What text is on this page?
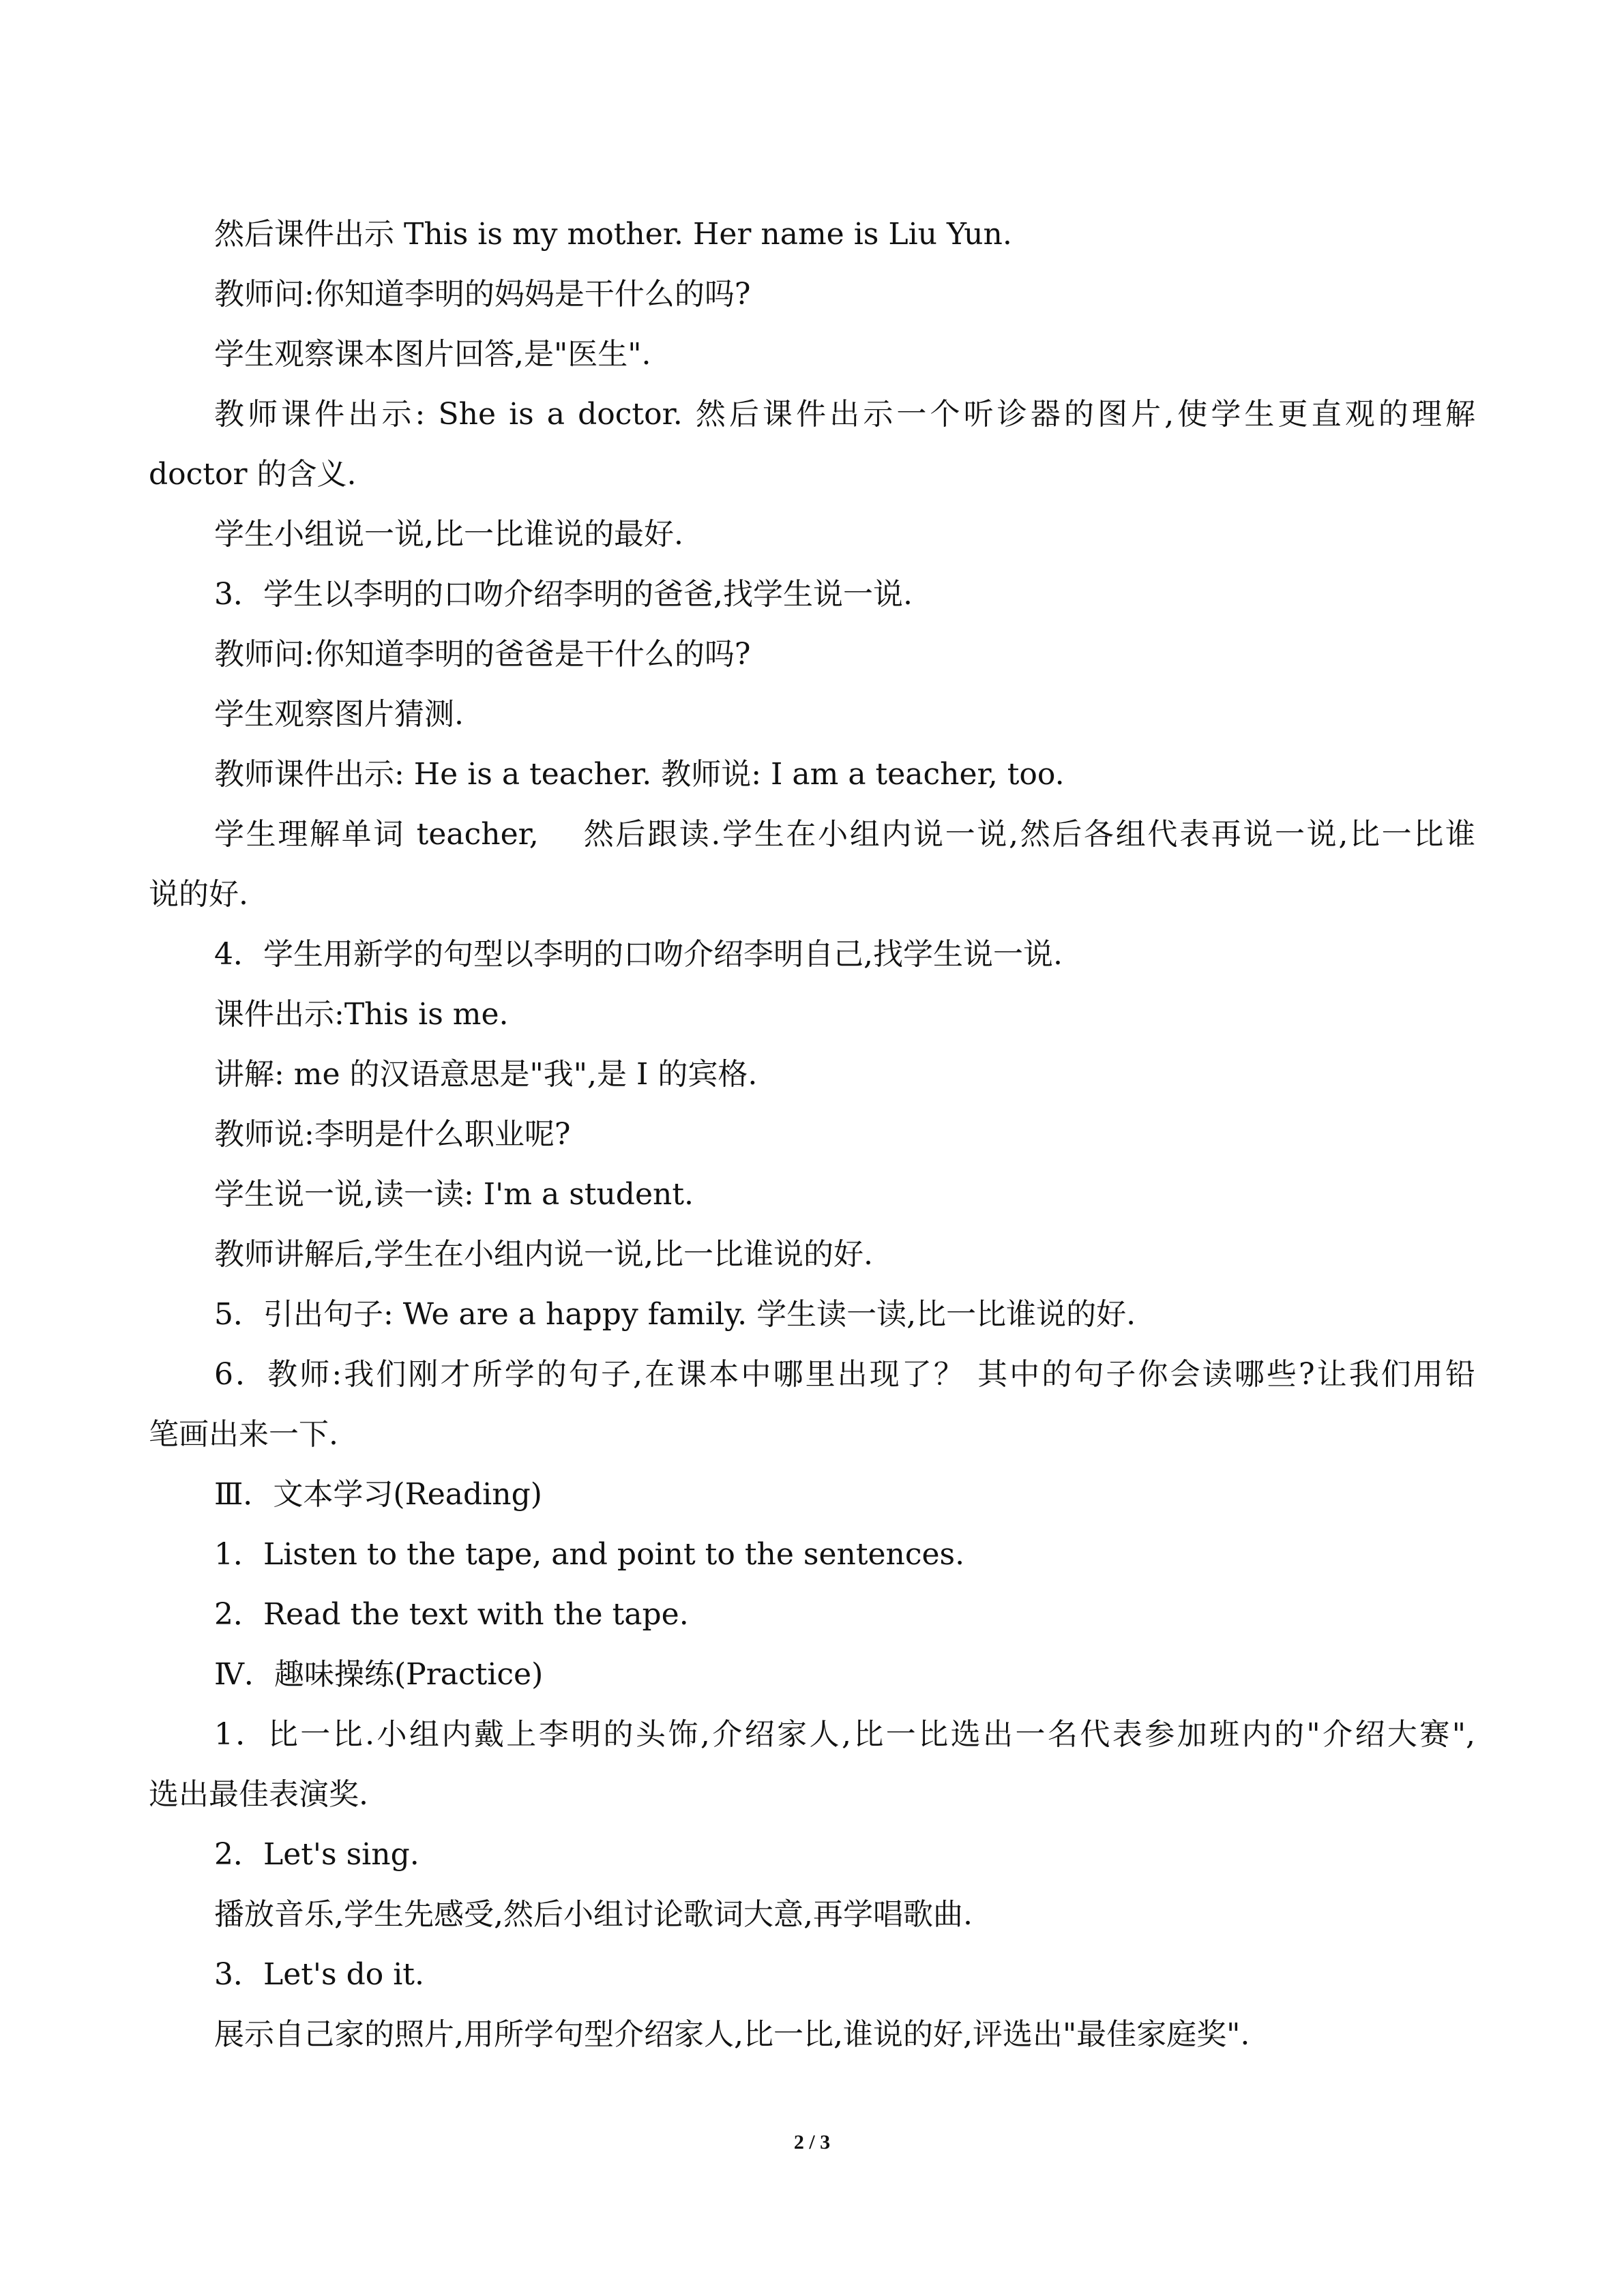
然后课件出示 This is my mother. Her name is Liu Yun.
教师问:你知道李明的妈妈是干什么的吗?
学生观察课本图片回答,是"医生".
教师课件出示: She is a doctor. 然后课件出示一个听诊器的图片,使学生更直观的理解
doctor 的含义.
学生小组说一说,比一比谁说的最好.
3．学生以李明的口吻介绍李明的爸爸,找学生说一说.
教师问:你知道李明的爸爸是干什么的吗?
学生观察图片猜测.
教师课件出示: He is a teacher. 教师说: I am a teacher, too.
学生理解单词 teacher,　 然后跟读.学生在小组内说一说,然后各组代表再说一说,比一比谁
说的好.
4．学生用新学的句型以李明的口吻介绍李明自己,找学生说一说.
课件出示:This is me.
讲解: me 的汉语意思是"我",是 I 的宾格.
教师说:李明是什么职业呢?
学生说一说,读一读: I'm a student.
教师讲解后,学生在小组内说一说,比一比谁说的好.
5．引出句子: We are a happy family. 学生读一读,比一比谁说的好.
6．教师:我们刚才所学的句子,在课本中哪里出现了？ 其中的句子你会读哪些?让我们用铅
笔画出来一下.
Ⅲ．文本学习(Reading)
1．Listen to the tape, and point to the sentences.
2．Read the text with the tape.
Ⅳ．趣味操练(Practice)
1．比一比.小组内戴上李明的头饰,介绍家人,比一比选出一名代表参加班内的"介绍大赛",
选出最佳表演奖.
2．Let's sing.
播放音乐,学生先感受,然后小组讨论歌词大意,再学唱歌曲.
3．Let's do it.
展示自己家的照片,用所学句型介绍家人,比一比,谁说的好,评选出"最佳家庭奖".
2 / 3
